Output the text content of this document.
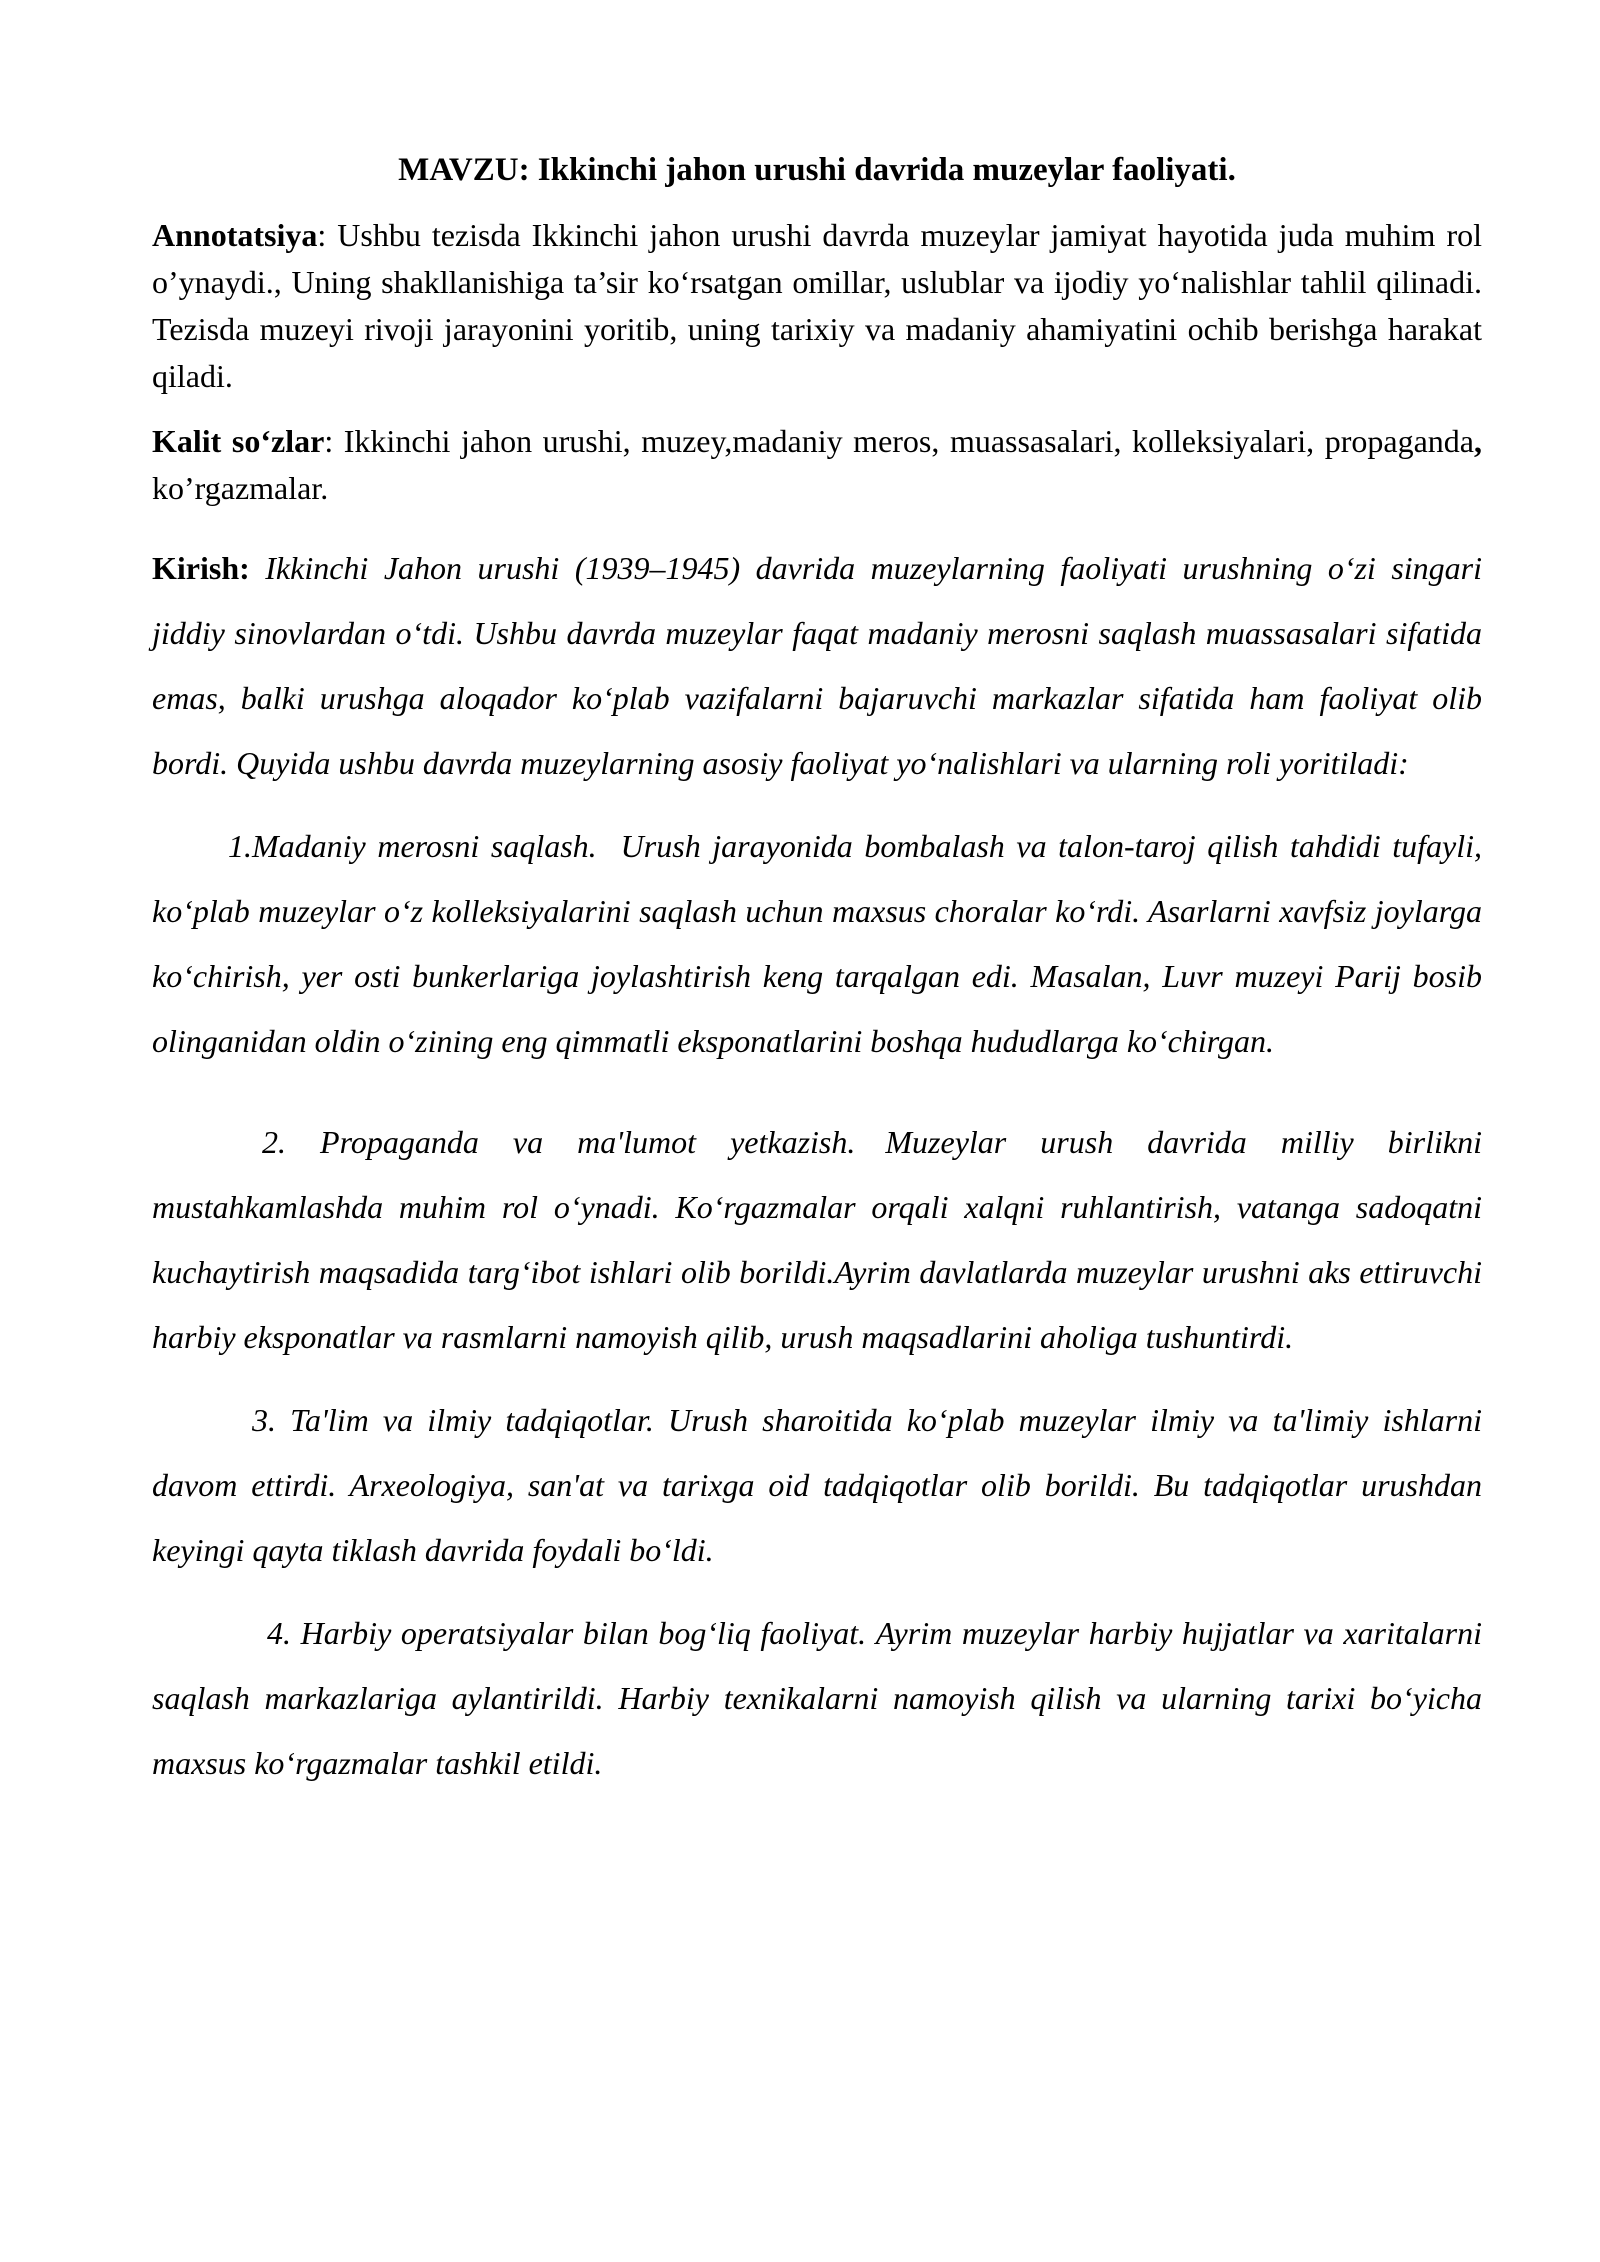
MAVZU: Ikkinchi jahon urushi davrida muzeylar faoliyati.

Annotatsiya: Ushbu tezisda Ikkinchi jahon urushi davrda muzeylar jamiyat hayotida juda muhim rol o’ynaydi., Uning shakllanishiga ta’sir ko‘rsatgan omillar, uslublar va ijodiy yo‘nalishlar tahlil qilinadi. Tezisda muzeyi rivoji jarayonini yoritib, uning tarixiy va madaniy ahamiyatini ochib berishga harakat qiladi.

Kalit so‘zlar: Ikkinchi jahon urushi, muzey,madaniy meros, muassasalari, kolleksiyalari, propaganda, ko’rgazmalar.

Kirish: Ikkinchi Jahon urushi (1939–1945) davrida muzeylarning faoliyati urushning o‘zi singari jiddiy sinovlardan o‘tdi. Ushbu davrda muzeylar faqat madaniy merosni saqlash muassasalari sifatida emas, balki urushga aloqador ko‘plab vazifalarni bajaruvchi markazlar sifatida ham faoliyat olib bordi. Quyida ushbu davrda muzeylarning asosiy faoliyat yo‘nalishlari va ularning roli yoritiladi:

1.Madaniy merosni saqlash. Urush jarayonida bombalash va talon-taroj qilish tahdidi tufayli, ko‘plab muzeylar o‘z kolleksiyalarini saqlash uchun maxsus choralar ko‘rdi. Asarlarni xavfsiz joylarga ko‘chirish, yer osti bunkerlariga joylashtirish keng tarqalgan edi. Masalan, Luvr muzeyi Parij bosib olinganidan oldin o‘zining eng qimmatli eksponatlarini boshqa hududlarga ko‘chirgan.

2. Propaganda va ma'lumot yetkazish. Muzeylar urush davrida milliy birlikni mustahkamlashda muhim rol o‘ynadi. Ko‘rgazmalar orqali xalqni ruhlantirish, vatanga sadoqatni kuchaytirish maqsadida targ‘ibot ishlari olib borildi.Ayrim davlatlarda muzeylar urushni aks ettiruvchi harbiy eksponatlar va rasmlarni namoyish qilib, urush maqsadlarini aholiga tushuntirdi.

3. Ta'lim va ilmiy tadqiqotlar. Urush sharoitida ko‘plab muzeylar ilmiy va ta'limiy ishlarni davom ettirdi. Arxeologiya, san'at va tarixga oid tadqiqotlar olib borildi. Bu tadqiqotlar urushdan keyingi qayta tiklash davrida foydali bo‘ldi.

4. Harbiy operatsiyalar bilan bog‘liq faoliyat. Ayrim muzeylar harbiy hujjatlar va xaritalarni saqlash markazlariga aylantirildi. Harbiy texnikalarni namoyish qilish va ularning tarixi bo‘yicha maxsus ko‘rgazmalar tashkil etildi.
